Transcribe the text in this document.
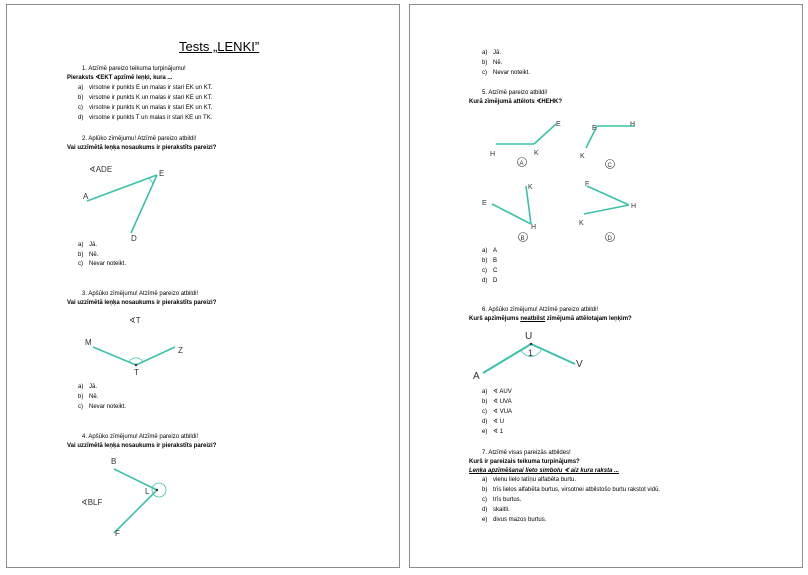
Tests „LENKI”
1. Atzīmē pareizo teikuma turpinājumu!
Pieraksts ∢EKT apzīmē leņķi, kura ...
a) virsotne ir punkts E un malas ir stari EK un KT.
b) virsotne ir punkts K un malas ir stari KE un KT.
c) virsotne ir punkts K un malas ir stari EK un KT.
d) virsotne ir punkts T un malas ir stari KE un TK.
2. Aplūko zīmējumu! Atzīmē pareizo atbildi!
Vai uzzīmētā leņķa nosaukums ir pierakstīts pareizi?
∢ADE
A
E
D
a) Jā.
b) Nē.
c) Nevar noteikt.
3. Apšūko zīmējumu! Atzīmē pareizo atbildi!
Vai uzzīmētā leņķa nosaukums ir pierakstīts pareizi?
∢T
M
T
Z
a) Jā.
b) Nē.
c) Nevar noteikt.
4. Apšūko zīmējumu! Atzīmē pareizo atbildi!
Vai uzzīmētā leņķa nosaukums ir pierakstīts pareizi?
B
L
F
∢BLF
a) Jā.
b) Nē.
c) Nevar noteikt.
5. Atzīmē pareizo atbildi!
Kurā zīmējumā attēlots ∢HEHK?
H	K
E
A
K
E
H
C
E
K
H
B
F
H
K
D
a) A
b) B
c) C
d) D
6. Apšūko zīmējumu! Atzīmē pareizo atbildi!
Kurš apzīmējums neatbilst zīmējumā attēlotajam leņķim?
A
U
V
1
a) ∢ AUV
b) ∢ UVA
c) ∢ VUA
d) ∢ U
e) ∢ 1
7. Atzīmē visas pareizās atbildes!
Kurš ir pareizais teikuma turpinājums?
Leņķa apzīmēšanai lieto simbolu ∢ aiz kura raksta ...
a) vienu lielo latīņu alfabēta burtu.
b) trīs lielos alfabēta burtus, virsotnei atbilstošo burtu rakstot vidū.
c) trīs burtus.
d) skaitli.
e) divus mazos burtus.
